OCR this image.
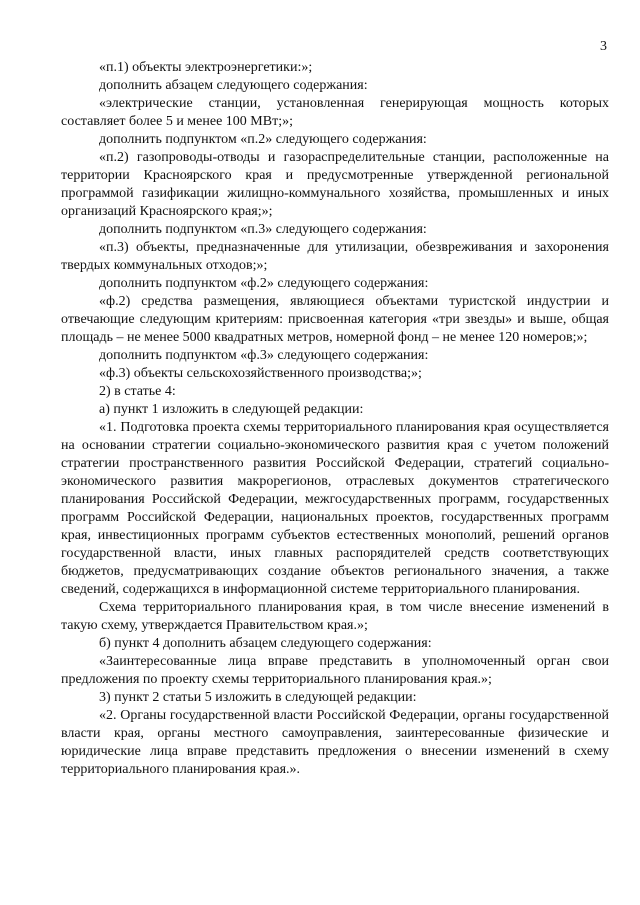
3

«п.1) объекты электроэнергетики:»;

дополнить абзацем следующего содержания:

«электрические станции, установленная генерирующая мощность которых составляет более 5 и менее 100 МВт;»;

дополнить подпунктом «п.2» следующего содержания:

«п.2) газопроводы-отводы и газораспределительные станции, расположенные на территории Красноярского края и предусмотренные утвержденной региональной программой газификации жилищно-коммунального хозяйства, промышленных и иных организаций Красноярского края;»;

дополнить подпунктом «п.3» следующего содержания:

«п.3) объекты, предназначенные для утилизации, обезвреживания и захоронения твердых коммунальных отходов;»;

дополнить подпунктом «ф.2» следующего содержания:

«ф.2) средства размещения, являющиеся объектами туристской индустрии и отвечающие следующим критериям: присвоенная категория «три звезды» и выше, общая площадь – не менее 5000 квадратных метров, номерной фонд – не менее 120 номеров;»;

дополнить подпунктом «ф.3» следующего содержания:

«ф.3) объекты сельскохозяйственного производства;»;

2) в статье 4:

а) пункт 1 изложить в следующей редакции:

«1. Подготовка проекта схемы территориального планирования края осуществляется на основании стратегии социально-экономического развития края с учетом положений стратегии пространственного развития Российской Федерации, стратегий социально-экономического развития макрорегионов, отраслевых документов стратегического планирования Российской Федерации, межгосударственных программ, государственных программ Российской Федерации, национальных проектов, государственных программ края, инвестиционных программ субъектов естественных монополий, решений органов государственной власти, иных главных распорядителей средств соответствующих бюджетов, предусматривающих создание объектов регионального значения, а также сведений, содержащихся в информационной системе территориального планирования.

Схема территориального планирования края, в том числе внесение изменений в такую схему, утверждается Правительством края.»;

б) пункт 4 дополнить абзацем следующего содержания:

«Заинтересованные лица вправе представить в уполномоченный орган свои предложения по проекту схемы территориального планирования края.»;

3) пункт 2 статьи 5 изложить в следующей редакции:

«2. Органы государственной власти Российской Федерации, органы государственной власти края, органы местного самоуправления, заинтересованные физические и юридические лица вправе представить предложения о внесении изменений в схему территориального планирования края.».
